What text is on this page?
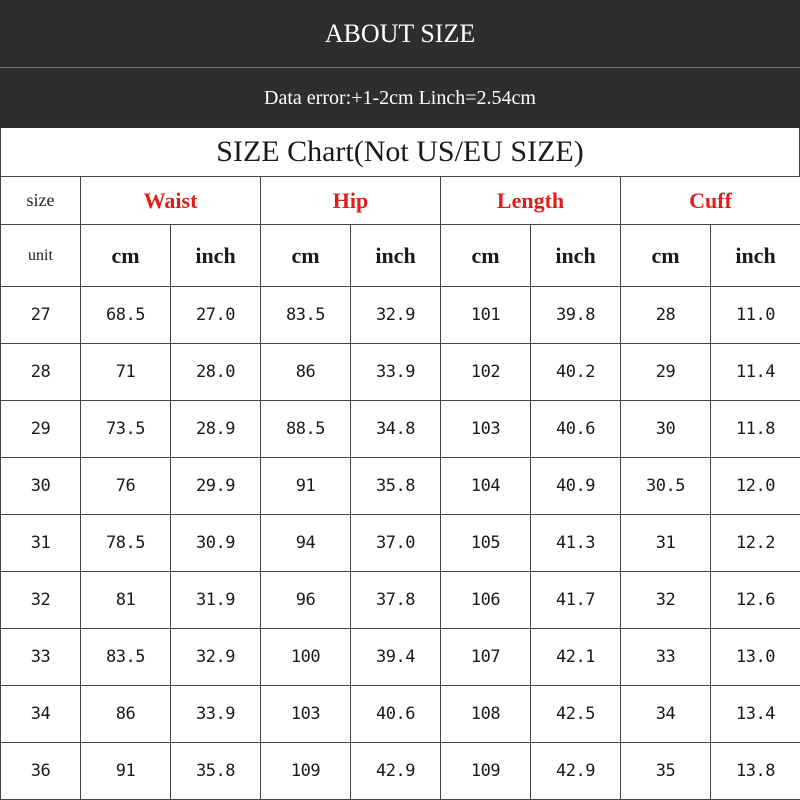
ABOUT SIZE
Data error:+1-2cm Linch=2.54cm
SIZE Chart(Not US/EU SIZE)
size	Waist		Hip		Length		Cuff	
unit	cm	inch	cm	inch	cm	inch	cm	inch
27	68.5	27.0	83.5	32.9	101	39.8	28	11.0
28	71	28.0	86	33.9	102	40.2	29	11.4
29	73.5	28.9	88.5	34.8	103	40.6	30	11.8
30	76	29.9	91	35.8	104	40.9	30.5	12.0
31	78.5	30.9	94	37.0	105	41.3	31	12.2
32	81	31.9	96	37.8	106	41.7	32	12.6
33	83.5	32.9	100	39.4	107	42.1	33	13.0
34	86	33.9	103	40.6	108	42.5	34	13.4
36	91	35.8	109	42.9	109	42.9	35	13.8
